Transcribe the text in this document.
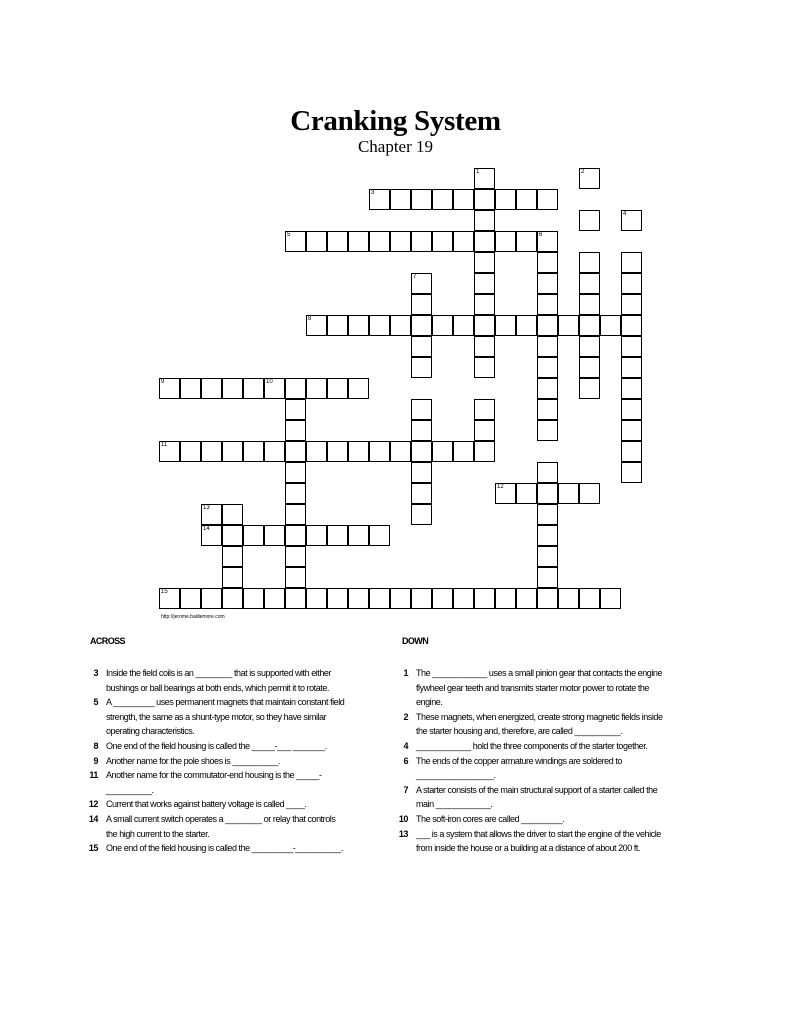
Cranking System
Chapter 19
3
5	6
8
9	10
11
14
1	2
4
7
12
13
15
http://jerome.baldemore.com
ACROSS	DOWN
3 Inside the field coils is an ________ that is supported with either bushings or ball bearings at both ends, which permit it to rotate.
5 A _________ uses permanent magnets that maintain constant field strength, the same as a shunt-type motor, so they have similar operating characteristics.
8 One end of the field housing is called the _____-___ _______.
9 Another name for the pole shoes is __________.
11 Another name for the commutator-end housing is the _____-__________.
12 Current that works against battery voltage is called ____.
14 A small current switch operates a ________ or relay that controls the high current to the starter.
15 One end of the field housing is called the _________-__________.
1 The ____________ uses a small pinion gear that contacts the engine flywheel gear teeth and transmits starter motor power to rotate the engine.
2 These magnets, when energized, create strong magnetic fields inside the starter housing and, therefore, are called __________.
4 ____________ hold the three components of the starter together.
6 The ends of the copper armature windings are soldered to _________________.
7 A starter consists of the main structural support of a starter called the main ____________.
10 The soft-iron cores are called _________.
13 ___ is a system that allows the driver to start the engine of the vehicle from inside the house or a building at a distance of about 200 ft.
